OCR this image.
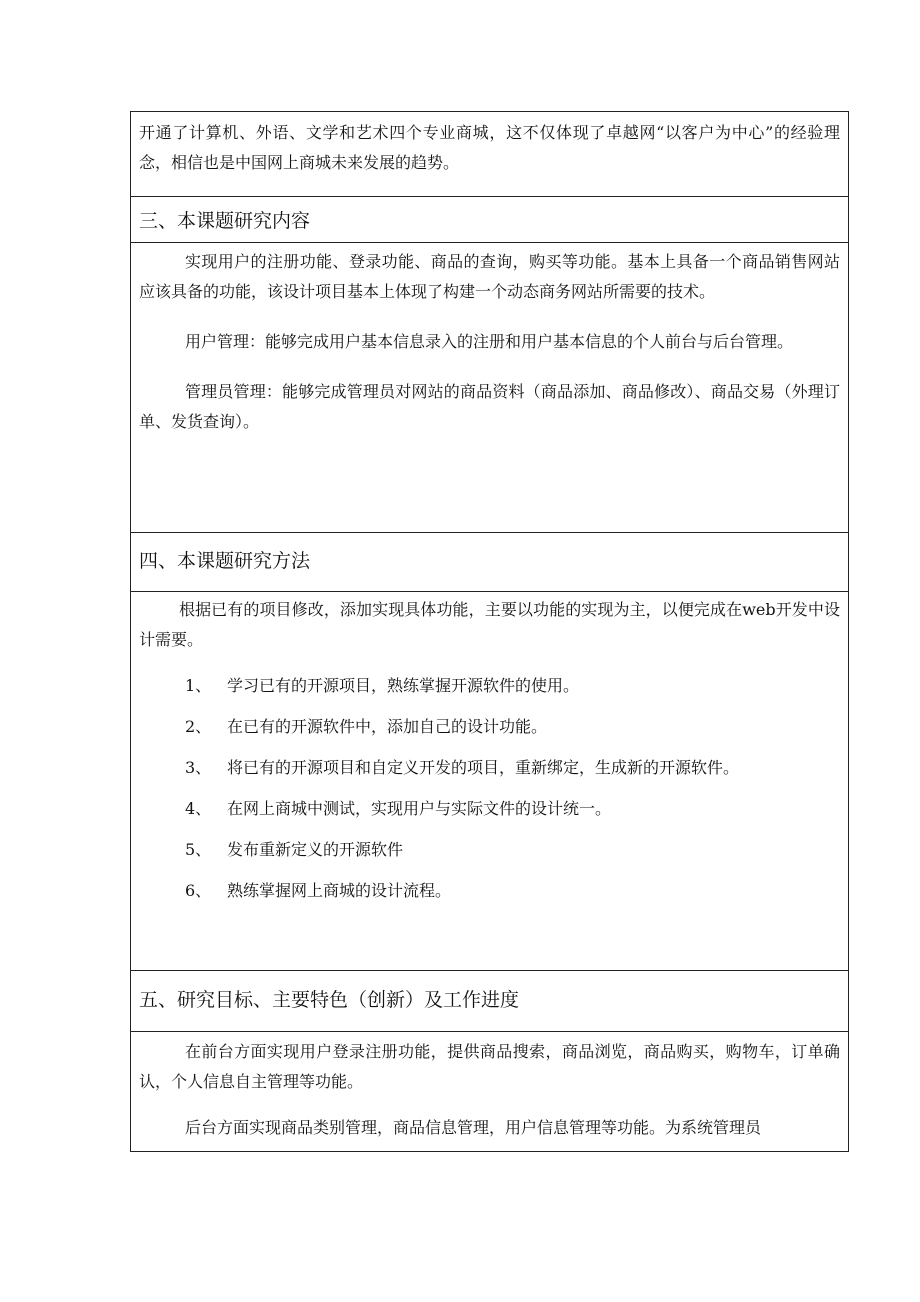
开通了计算机、外语、文学和艺术四个专业商城，这不仅体现了卓越网“以客户为中心”的经验理念，相信也是中国网上商城未来发展的趋势。

三、本课题研究内容

实现用户的注册功能、登录功能、商品的查询，购买等功能。基本上具备一个商品销售网站应该具备的功能，该设计项目基本上体现了构建一个动态商务网站所需要的技术。

用户管理：能够完成用户基本信息录入的注册和用户基本信息的个人前台与后台管理。

管理员管理：能够完成管理员对网站的商品资料（商品添加、商品修改）、商品交易（外理订单、发货查询）。

四、本课题研究方法

根据已有的项目修改，添加实现具体功能，主要以功能的实现为主，以便完成在web开发中设计需要。

1、 学习已有的开源项目，熟练掌握开源软件的使用。
2、 在已有的开源软件中，添加自己的设计功能。
3、 将已有的开源项目和自定义开发的项目，重新绑定，生成新的开源软件。
4、 在网上商城中测试，实现用户与实际文件的设计统一。
5、 发布重新定义的开源软件
6、 熟练掌握网上商城的设计流程。
五、研究目标、主要特色（创新）及工作进度

在前台方面实现用户登录注册功能，提供商品搜索，商品浏览，商品购买，购物车，订单确认，个人信息自主管理等功能。

后台方面实现商品类别管理，商品信息管理，用户信息管理等功能。为系统管理员
